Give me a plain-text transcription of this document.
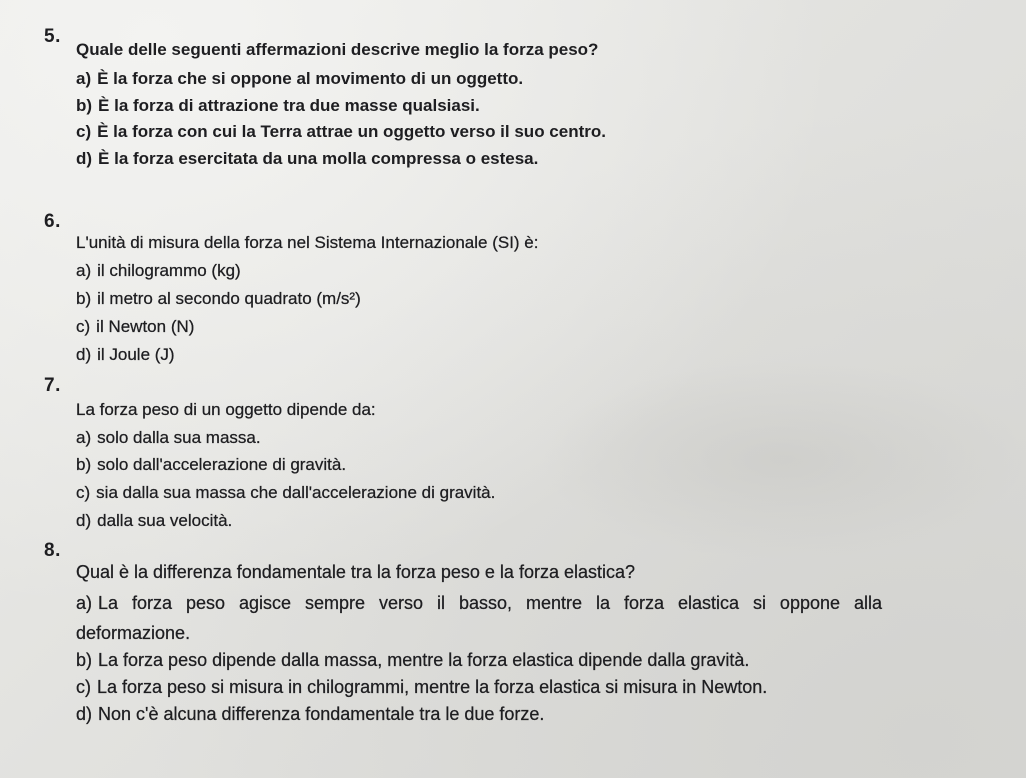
5.
Quale delle seguenti affermazioni descrive meglio la forza peso?
a) È la forza che si oppone al movimento di un oggetto.
b) È la forza di attrazione tra due masse qualsiasi.
c) È la forza con cui la Terra attrae un oggetto verso il suo centro.
d) È la forza esercitata da una molla compressa o estesa.
6.
L'unità di misura della forza nel Sistema Internazionale (SI) è:
a) il chilogrammo (kg)
b) il metro al secondo quadrato (m/s²)
c) il Newton (N)
d) il Joule (J)
7.
La forza peso di un oggetto dipende da:
a) solo dalla sua massa.
b) solo dall'accelerazione di gravità.
c) sia dalla sua massa che dall'accelerazione di gravità.
d) dalla sua velocità.
8.
Qual è la differenza fondamentale tra la forza peso e la forza elastica?
a) La forza peso agisce sempre verso il basso, mentre la forza elastica si oppone alla
deformazione.
b) La forza peso dipende dalla massa, mentre la forza elastica dipende dalla gravità.
c) La forza peso si misura in chilogrammi, mentre la forza elastica si misura in Newton.
d) Non c'è alcuna differenza fondamentale tra le due forze.
